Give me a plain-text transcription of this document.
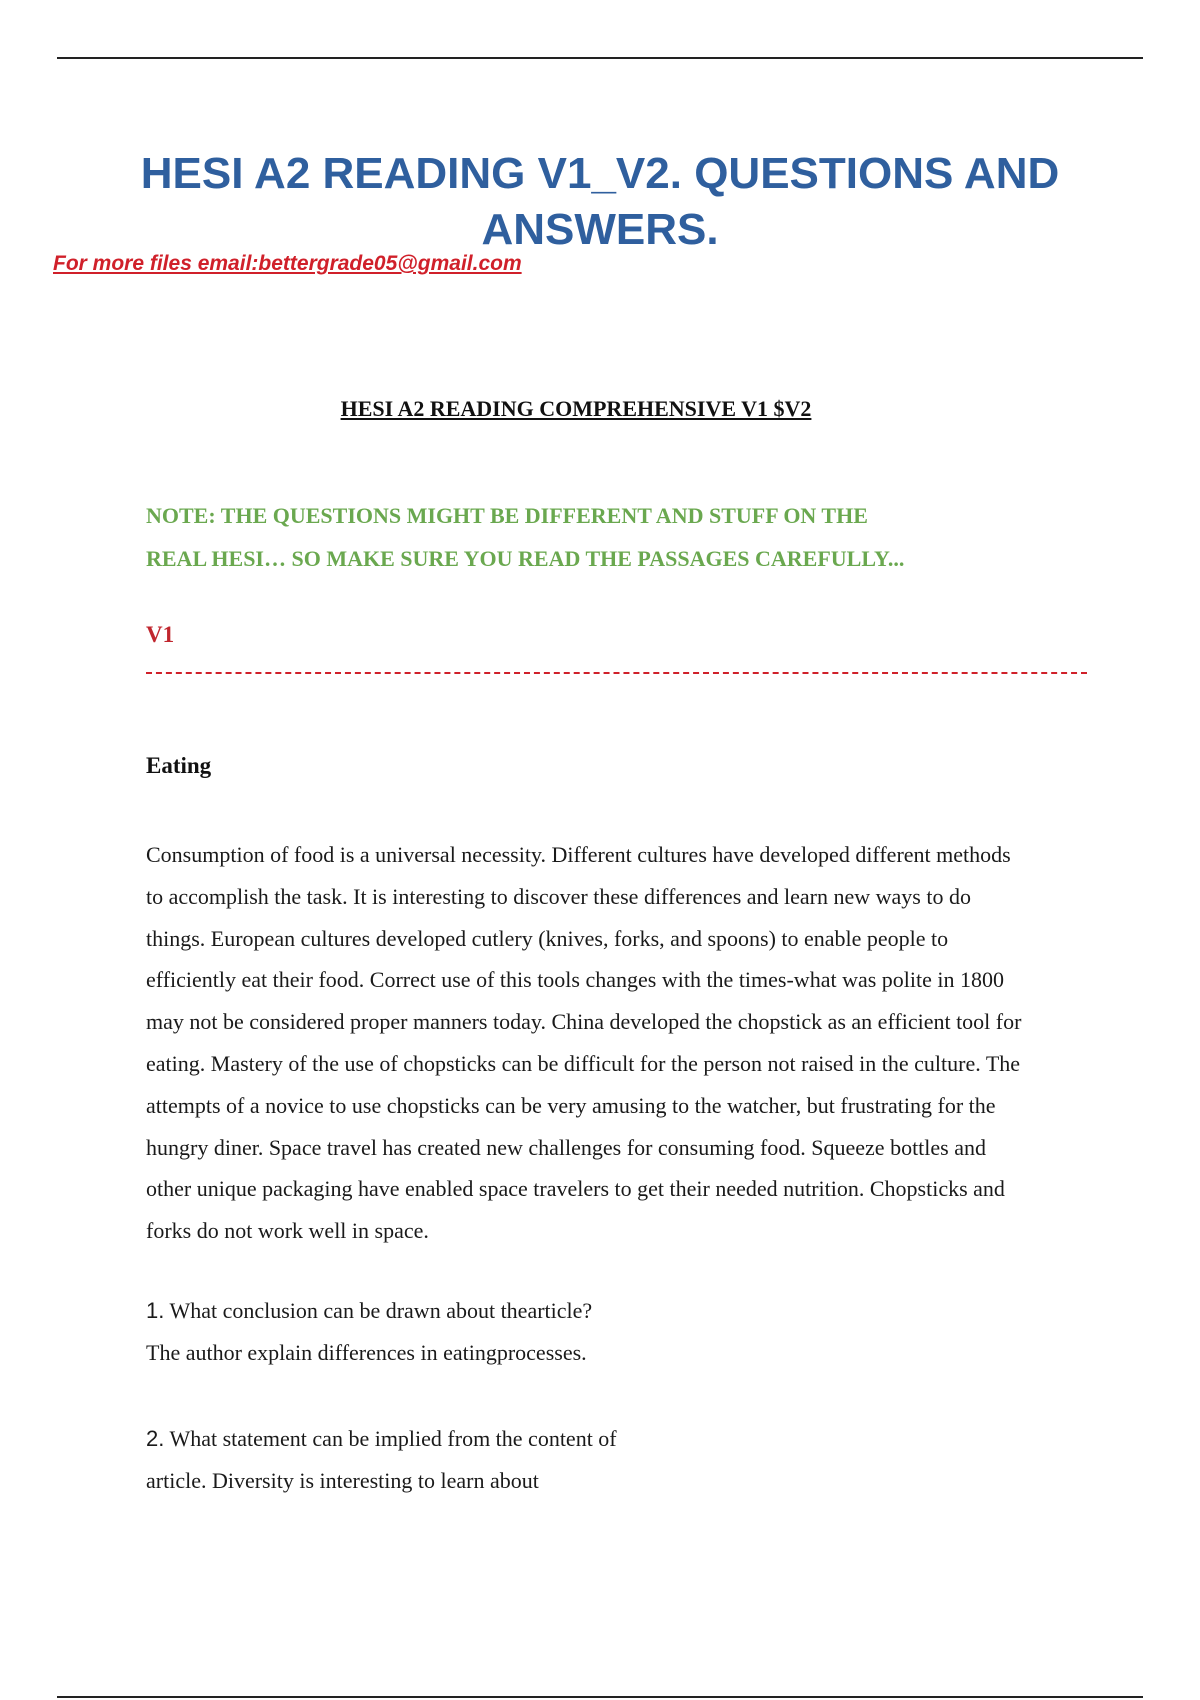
HESI A2 READING V1_V2. QUESTIONS AND
ANSWERS.
For more files email:bettergrade05@gmail.com
HESI A2 READING COMPREHENSIVE V1 $V2

NOTE: THE QUESTIONS MIGHT BE DIFFERENT AND STUFF ON THE
REAL HESI… SO MAKE SURE YOU READ THE PASSAGES CAREFULLY...

V1

Eating

Consumption of food is a universal necessity. Different cultures have developed different methods
to accomplish the task. It is interesting to discover these differences and learn new ways to do
things. European cultures developed cutlery (knives, forks, and spoons) to enable people to
efficiently eat their food. Correct use of this tools changes with the times-what was polite in 1800
may not be considered proper manners today. China developed the chopstick as an efficient tool for
eating. Mastery of the use of chopsticks can be difficult for the person not raised in the culture. The
attempts of a novice to use chopsticks can be very amusing to the watcher, but frustrating for the
hungry diner. Space travel has created new challenges for consuming food. Squeeze bottles and
other unique packaging have enabled space travelers to get their needed nutrition. Chopsticks and
forks do not work well in space.

1. What conclusion can be drawn about thearticle?
The author explain differences in eatingprocesses.

2. What statement can be implied from the content of
article. Diversity is interesting to learn about
